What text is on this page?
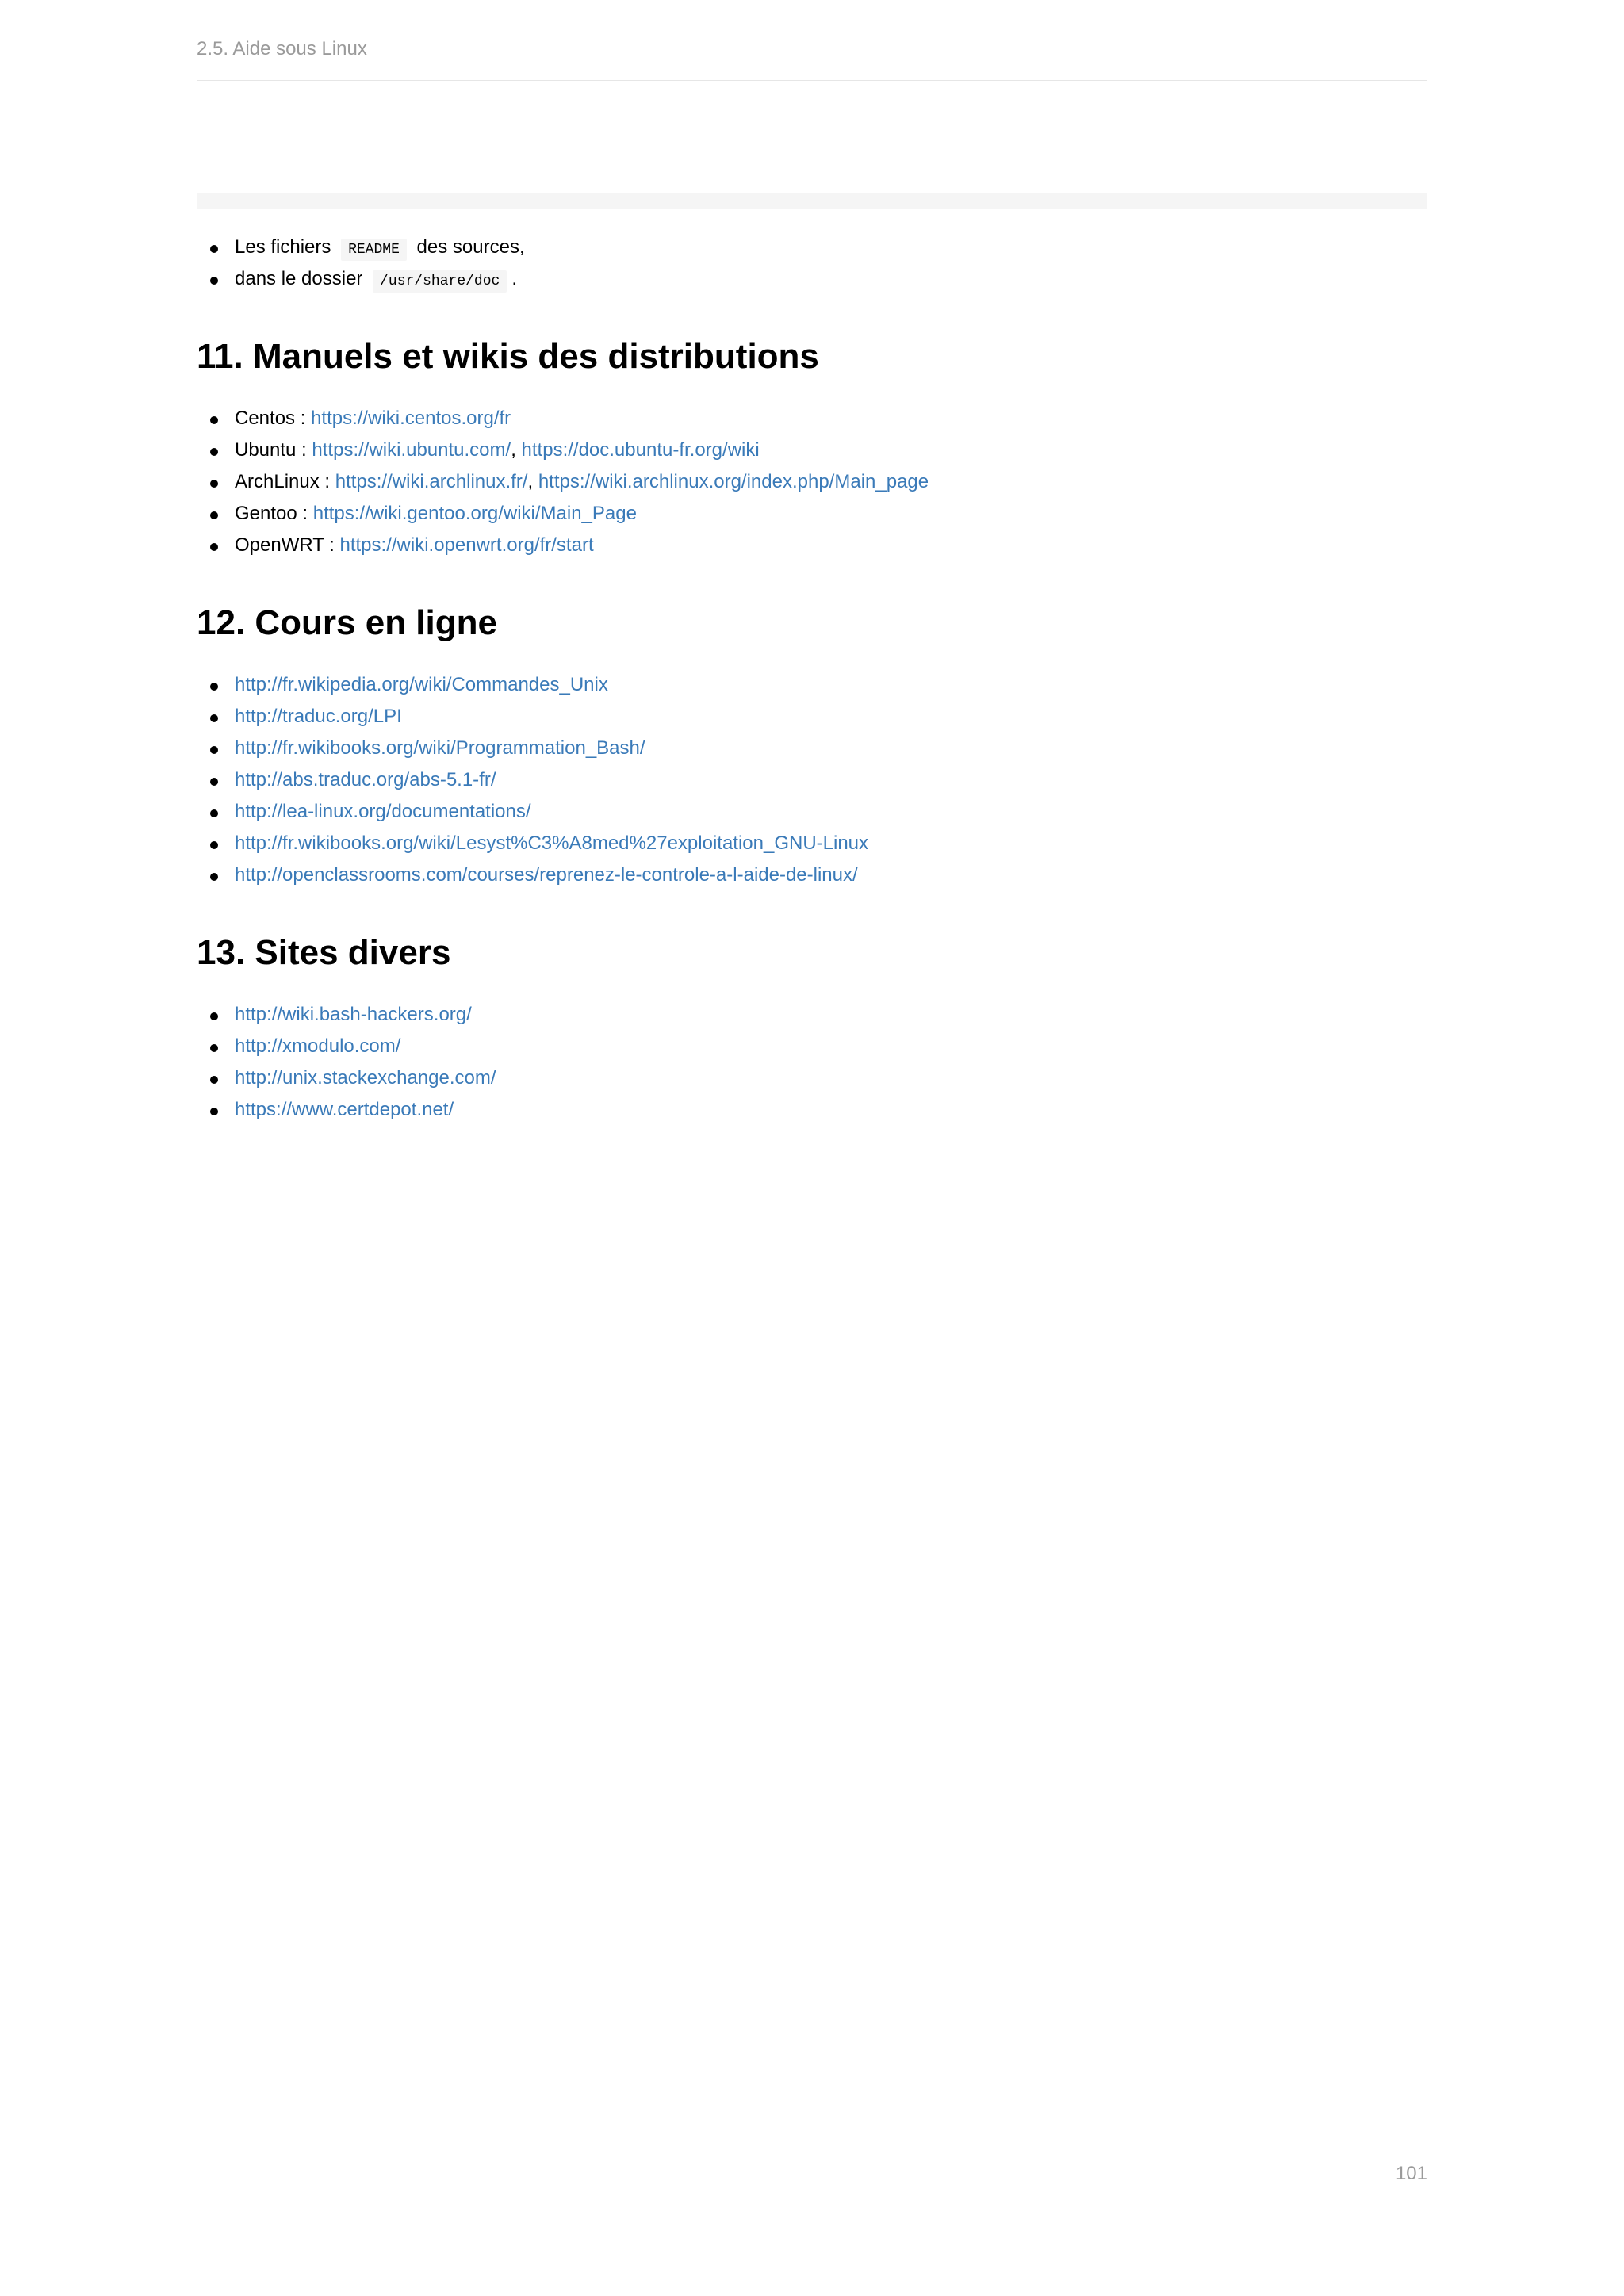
2.5. Aide sous Linux
Les fichiers README des sources,
dans le dossier /usr/share/doc .
11. Manuels et wikis des distributions
Centos : https://wiki.centos.org/fr
Ubuntu : https://wiki.ubuntu.com/, https://doc.ubuntu-fr.org/wiki
ArchLinux : https://wiki.archlinux.fr/, https://wiki.archlinux.org/index.php/Main_page
Gentoo : https://wiki.gentoo.org/wiki/Main_Page
OpenWRT : https://wiki.openwrt.org/fr/start
12. Cours en ligne
http://fr.wikipedia.org/wiki/Commandes_Unix
http://traduc.org/LPI
http://fr.wikibooks.org/wiki/Programmation_Bash/
http://abs.traduc.org/abs-5.1-fr/
http://lea-linux.org/documentations/
http://fr.wikibooks.org/wiki/Lesyst%C3%A8med%27exploitation_GNU-Linux
http://openclassrooms.com/courses/reprenez-le-controle-a-l-aide-de-linux/
13. Sites divers
http://wiki.bash-hackers.org/
http://xmodulo.com/
http://unix.stackexchange.com/
https://www.certdepot.net/
101
